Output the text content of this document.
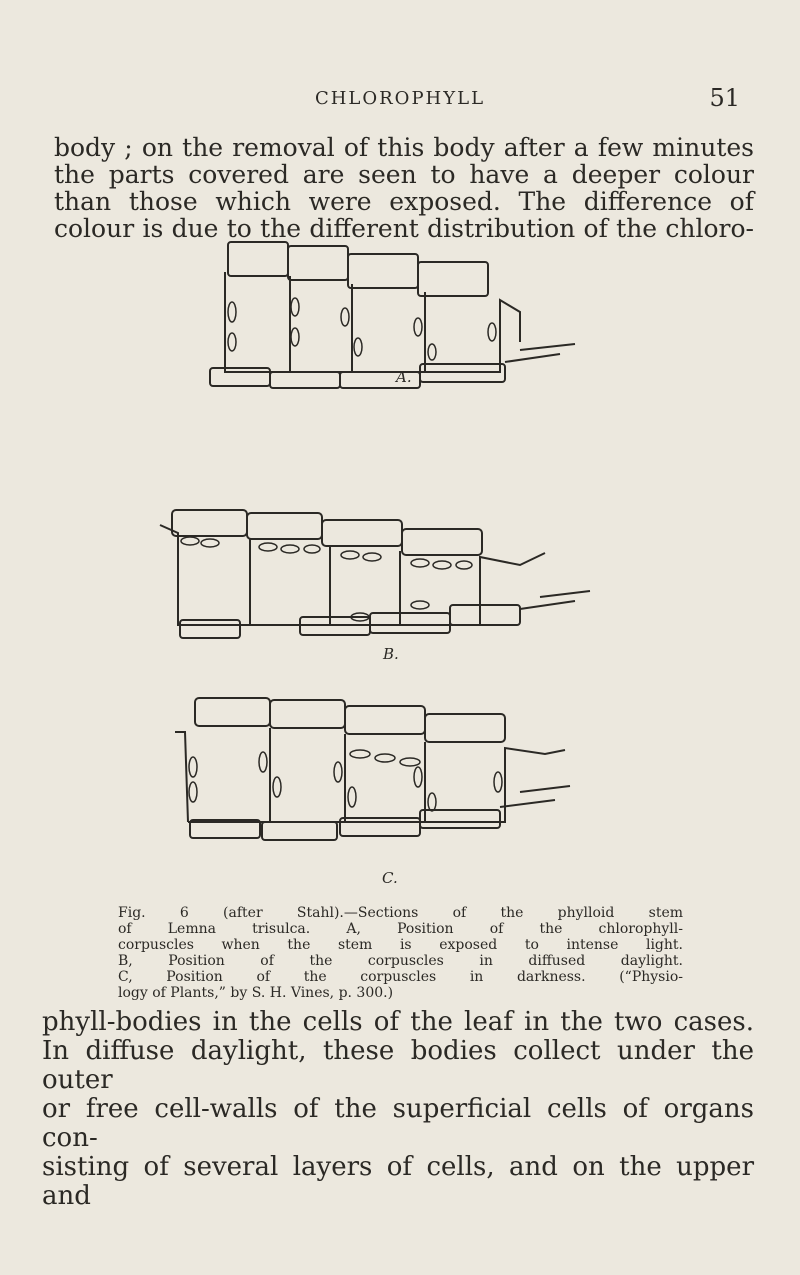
CHLOROPHYLL	51
body ; on the removal of this body after a few minutes
the parts covered are seen to have a deeper colour
than those which were exposed. The difference of
colour is due to the different distribution of the chloro-
A.
B.
C.
Fig. 6 (after Stahl).—Sections of the phylloid stem
of Lemna trisulca. A, Position of the chlorophyll-
corpuscles when the stem is exposed to intense light.
B, Position of the corpuscles in diffused daylight.
C, Position of the corpuscles in darkness. (“Physio-
logy of Plants,” by S. H. Vines, p. 300.)
phyll-bodies in the cells of the leaf in the two cases.
In diffuse daylight, these bodies collect under the outer
or free cell-walls of the superficial cells of organs con-
sisting of several layers of cells, and on the upper and
